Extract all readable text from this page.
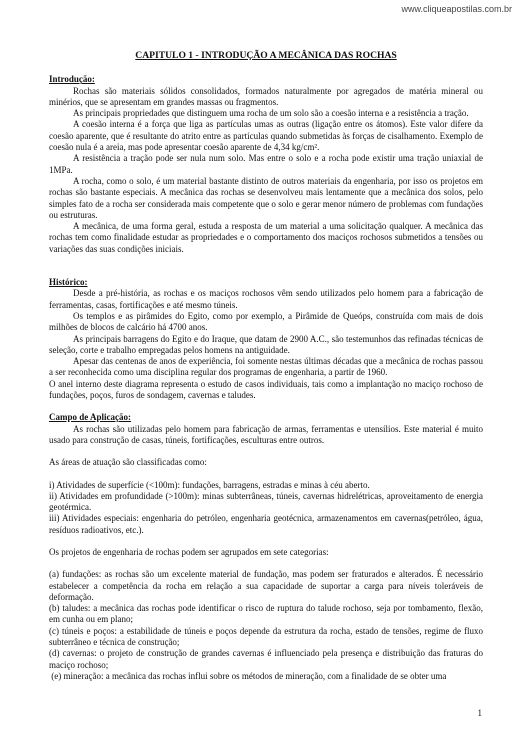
www.cliqueapostilas.com.br
CAPITULO 1 - INTRODUÇÃO A MECÂNICA DAS ROCHAS

Introdução:

Rochas são materiais sólidos consolidados, formados naturalmente por agregados de matéria mineral ou minérios, que se apresentam em grandes massas ou fragmentos.

As principais propriedades que distinguem uma rocha de um solo são a coesão interna e a resistência a tração.

A coesão interna é a força que liga as partículas umas as outras (ligação entre os átomos). Este valor difere da coesão aparente, que é resultante do atrito entre as partículas quando submetidas às forças de cisalhamento. Exemplo de coesão nula é a areia, mas pode apresentar coesão aparente de 4,34 kg/cm².

A resistência a tração pode ser nula num solo. Mas entre o solo e a rocha pode existir uma tração uniaxial de 1MPa.

A rocha, como o solo, é um material bastante distinto de outros materiais da engenharia, por isso os projetos em rochas são bastante especiais. A mecânica das rochas se desenvolveu mais lentamente que a mecânica dos solos, pelo simples fato de a rocha ser considerada mais competente que o solo e gerar menor número de problemas com fundações ou estruturas.

A mecânica, de uma forma geral, estuda a resposta de um material a uma solicitação qualquer. A mecânica das rochas tem como finalidade estudar as propriedades e o comportamento dos maciços rochosos submetidos a tensões ou variações das suas condições iniciais.

Histórico:

Desde a pré-história, as rochas e os maciços rochosos vêm sendo utilizados pelo homem para a fabricação de ferramentas, casas, fortificações e até mesmo túneis.

Os templos e as pirâmides do Egito, como por exemplo, a Pirâmide de Queóps, construída com mais de dois milhões de blocos de calcário há 4700 anos.

As principais barragens do Egito e do Iraque, que datam de 2900 A.C., são testemunhos das refinadas técnicas de seleção, corte e trabalho empregadas pelos homens na antiguidade.

Apesar das centenas de anos de experiência, foi somente nestas últimas décadas que a mecânica de rochas passou a ser reconhecida como uma disciplina regular dos programas de engenharia, a partir de 1960.

O anel interno deste diagrama representa o estudo de casos individuais, tais como a implantação no maciço rochoso de fundações, poços, furos de sondagem, cavernas e taludes.

Campo de Aplicação:

As rochas são utilizadas pelo homem para fabricação de armas, ferramentas e utensílios. Este material é muito usado para construção de casas, túneis, fortificações, esculturas entre outros.

As áreas de atuação são classificadas como:

i) Atividades de superfície (<100m): fundações, barragens, estradas e minas à céu aberto.

ii) Atividades em profundidade (>100m): minas subterrâneas, túneis, cavernas hidrelétricas, aproveitamento de energia geotérmica.

iii) Atividades especiais: engenharia do petróleo, engenharia geotécnica, armazenamentos em cavernas(petróleo, água, resíduos radioativos, etc.).

Os projetos de engenharia de rochas podem ser agrupados em sete categorias:

(a) fundações: as rochas são um excelente material de fundação, mas podem ser fraturados e alterados. É necessário estabelecer a competência da rocha em relação a sua capacidade de suportar a carga para níveis toleráveis de deformação.

(b) taludes: a mecânica das rochas pode identificar o risco de ruptura do talude rochoso, seja por tombamento, flexão, em cunha ou em plano;

(c) túneis e poços: a estabilidade de túneis e poços depende da estrutura da rocha, estado de tensões, regime de fluxo subterrâneo e técnica de construção;

(d) cavernas: o projeto de construção de grandes cavernas é influenciado pela presença e distribuição das fraturas do maciço rochoso;

(e) mineração: a mecânica das rochas influi sobre os métodos de mineração, com a finalidade de se obter uma

1
